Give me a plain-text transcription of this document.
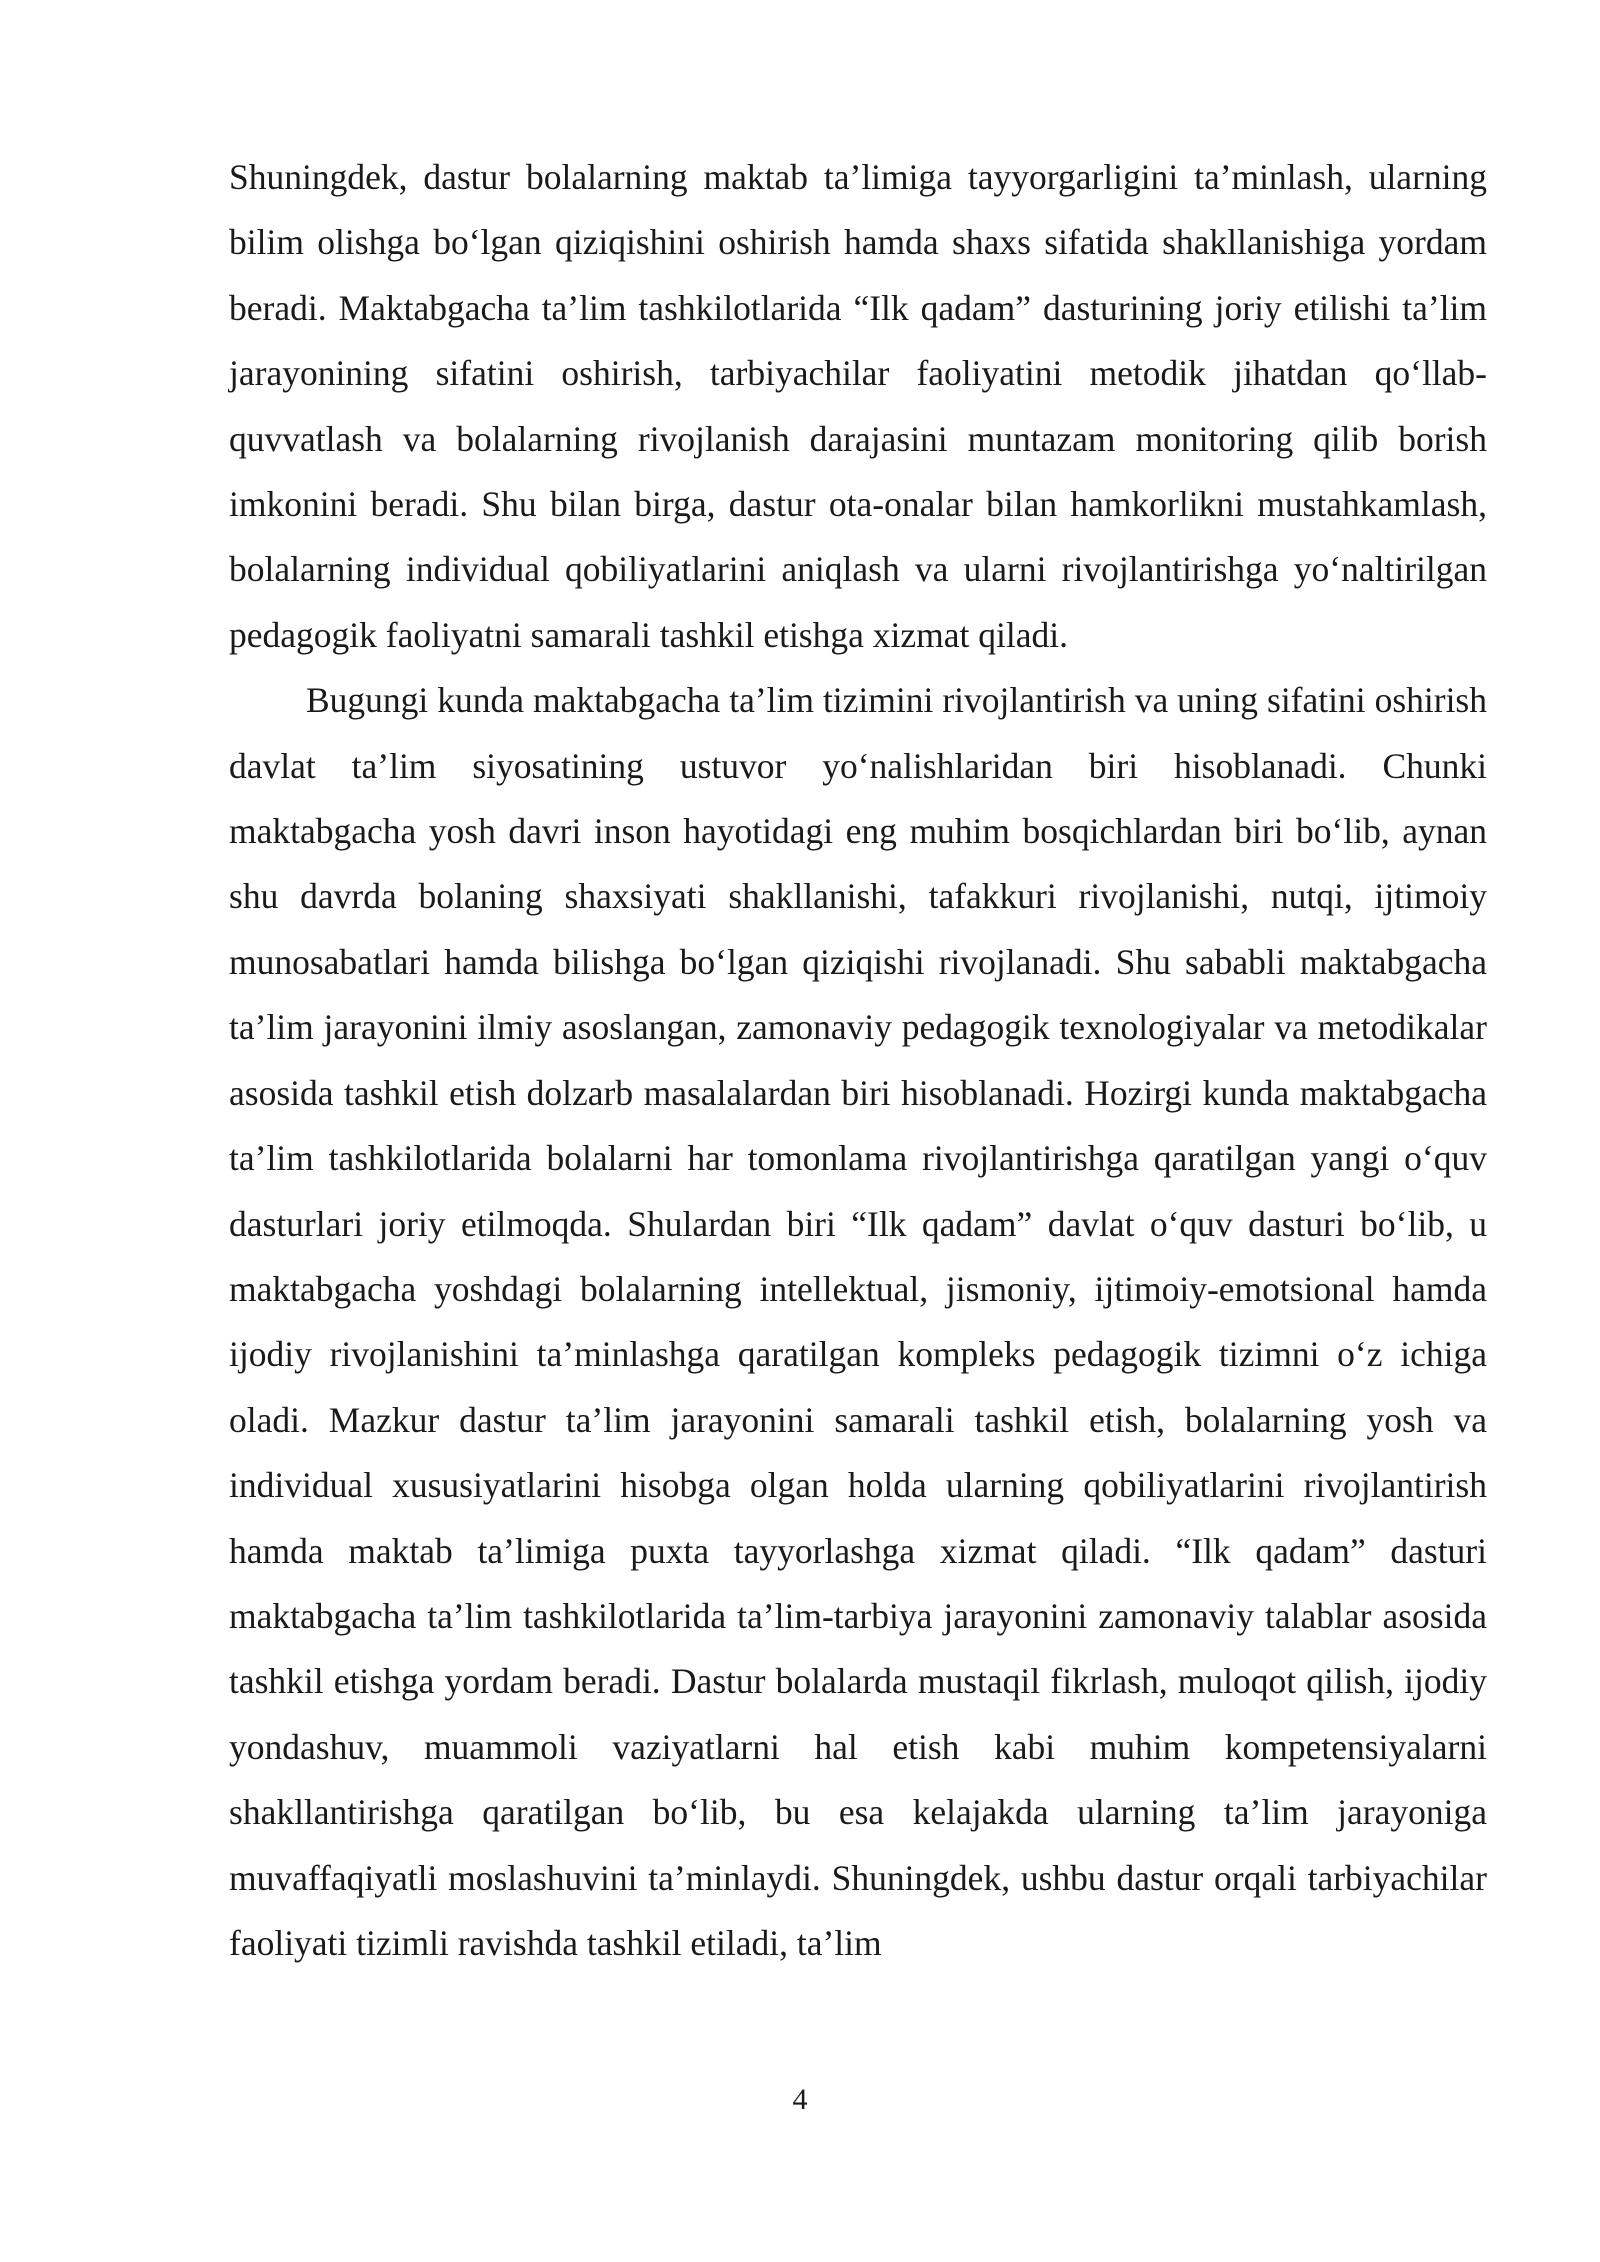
Shuningdek, dastur bolalarning maktab ta’limiga tayyorgarligini ta’minlash, ularning bilim olishga bo‘lgan qiziqishini oshirish hamda shaxs sifatida shakllanishiga yordam beradi. Maktabgacha ta’lim tashkilotlarida “Ilk qadam” dasturining joriy etilishi ta’lim jarayonining sifatini oshirish, tarbiyachilar faoliyatini metodik jihatdan qo‘llab-quvvatlash va bolalarning rivojlanish darajasini muntazam monitoring qilib borish imkonini beradi. Shu bilan birga, dastur ota-onalar bilan hamkorlikni mustahkamlash, bolalarning individual qobiliyatlarini aniqlash va ularni rivojlantirishga yo‘naltirilgan pedagogik faoliyatni samarali tashkil etishga xizmat qiladi.

Bugungi kunda maktabgacha ta’lim tizimini rivojlantirish va uning sifatini oshirish davlat ta’lim siyosatining ustuvor yo‘nalishlaridan biri hisoblanadi. Chunki maktabgacha yosh davri inson hayotidagi eng muhim bosqichlardan biri bo‘lib, aynan shu davrda bolaning shaxsiyati shakllanishi, tafakkuri rivojlanishi, nutqi, ijtimoiy munosabatlari hamda bilishga bo‘lgan qiziqishi rivojlanadi. Shu sababli maktabgacha ta’lim jarayonini ilmiy asoslangan, zamonaviy pedagogik texnologiyalar va metodikalar asosida tashkil etish dolzarb masalalardan biri hisoblanadi. Hozirgi kunda maktabgacha ta’lim tashkilotlarida bolalarni har tomonlama rivojlantirishga qaratilgan yangi o‘quv dasturlari joriy etilmoqda. Shulardan biri “Ilk qadam” davlat o‘quv dasturi bo‘lib, u maktabgacha yoshdagi bolalarning intellektual, jismoniy, ijtimoiy-emotsional hamda ijodiy rivojlanishini ta’minlashga qaratilgan kompleks pedagogik tizimni o‘z ichiga oladi. Mazkur dastur ta’lim jarayonini samarali tashkil etish, bolalarning yosh va individual xususiyatlarini hisobga olgan holda ularning qobiliyatlarini rivojlantirish hamda maktab ta’limiga puxta tayyorlashga xizmat qiladi. “Ilk qadam” dasturi maktabgacha ta’lim tashkilotlarida ta’lim-tarbiya jarayonini zamonaviy talablar asosida tashkil etishga yordam beradi. Dastur bolalarda mustaqil fikrlash, muloqot qilish, ijodiy yondashuv, muammoli vaziyatlarni hal etish kabi muhim kompetensiyalarni shakllantirishga qaratilgan bo‘lib, bu esa kelajakda ularning ta’lim jarayoniga muvaffaqiyatli moslashuvini ta’minlaydi. Shuningdek, ushbu dastur orqali tarbiyachilar faoliyati tizimli ravishda tashkil etiladi, ta’lim

4
